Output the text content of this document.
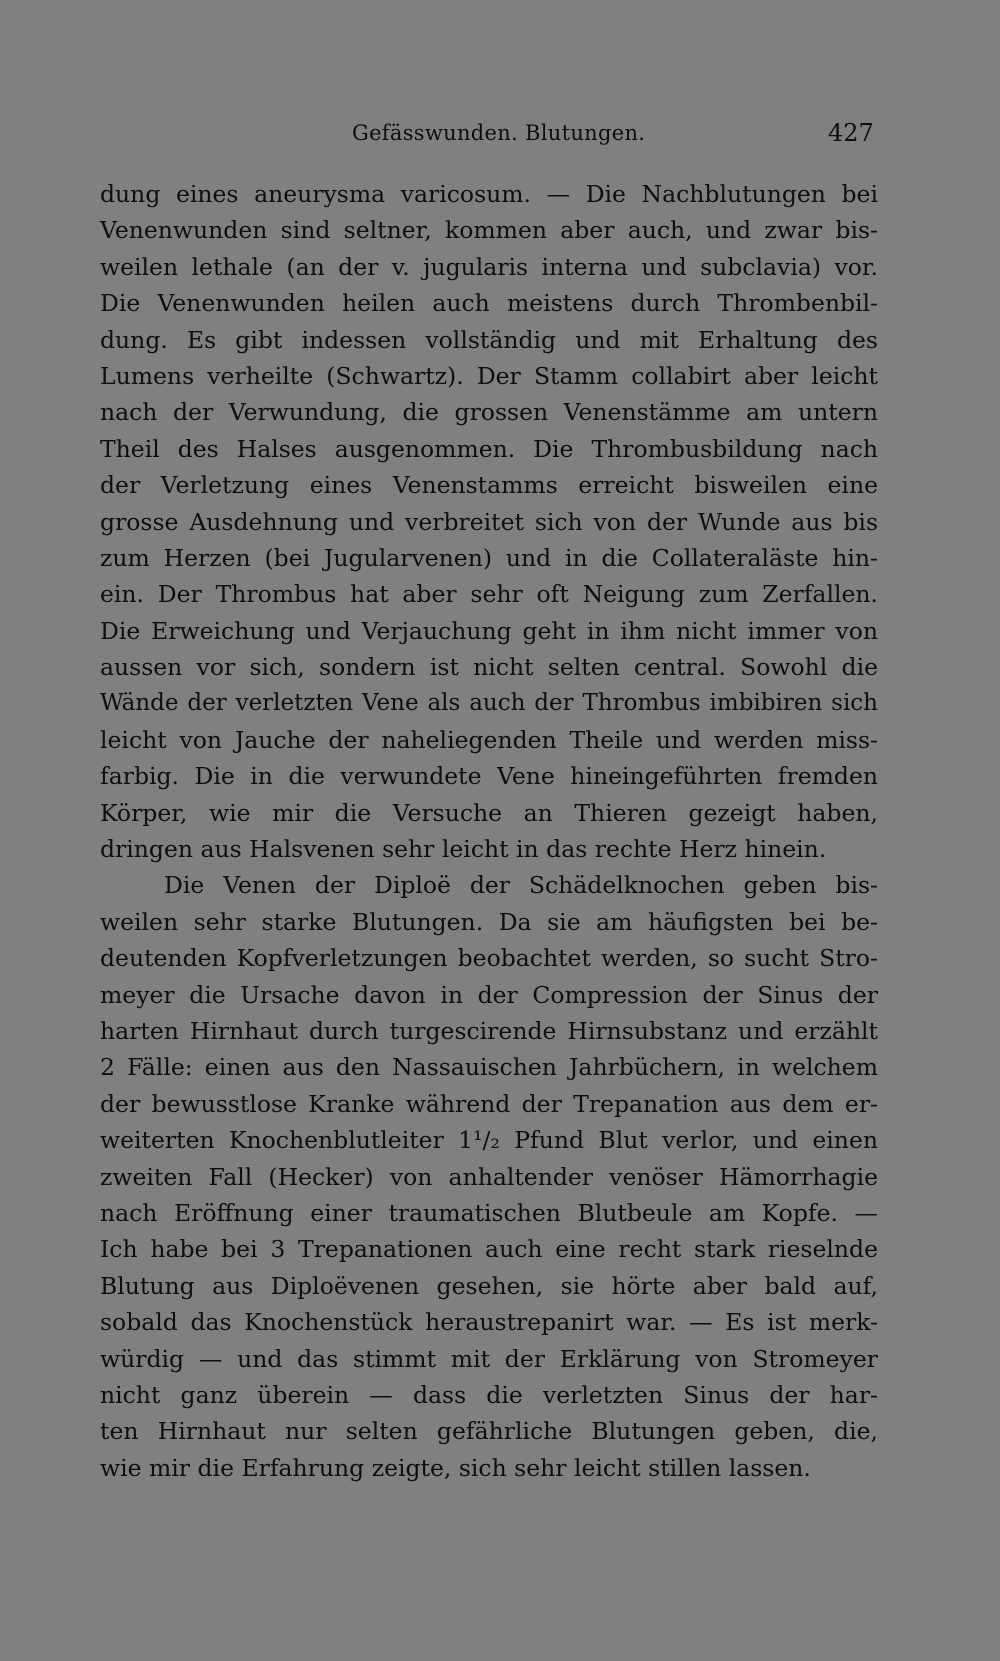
Gefässwunden. Blutungen.	427
dung eines aneurysma varicosum. — Die Nachblutungen bei
Venenwunden sind seltner, kommen aber auch, und zwar bis-
weilen lethale (an der v. jugularis interna und subclavia) vor.
Die Venenwunden heilen auch meistens durch Thrombenbil-
dung. Es gibt indessen vollständig und mit Erhaltung des
Lumens verheilte (Schwartz). Der Stamm collabirt aber leicht
nach der Verwundung, die grossen Venenstämme am untern
Theil des Halses ausgenommen. Die Thrombusbildung nach
der Verletzung eines Venenstamms erreicht bisweilen eine
grosse Ausdehnung und verbreitet sich von der Wunde aus bis
zum Herzen (bei Jugularvenen) und in die Collateraläste hin-
ein. Der Thrombus hat aber sehr oft Neigung zum Zerfallen.
Die Erweichung und Verjauchung geht in ihm nicht immer von
aussen vor sich, sondern ist nicht selten central. Sowohl die
Wände der verletzten Vene als auch der Thrombus imbibiren sich
leicht von Jauche der naheliegenden Theile und werden miss-
farbig. Die in die verwundete Vene hineingeführten fremden
Körper, wie mir die Versuche an Thieren gezeigt haben,
dringen aus Halsvenen sehr leicht in das rechte Herz hinein.
Die Venen der Diploë der Schädelknochen geben bis-
weilen sehr starke Blutungen. Da sie am häufigsten bei be-
deutenden Kopfverletzungen beobachtet werden, so sucht Stro-
meyer die Ursache davon in der Compression der Sinus der
harten Hirnhaut durch turgescirende Hirnsubstanz und erzählt
2 Fälle: einen aus den Nassauischen Jahrbüchern, in welchem
der bewusstlose Kranke während der Trepanation aus dem er-
weiterten Knochenblutleiter 1¹/₂ Pfund Blut verlor, und einen
zweiten Fall (Hecker) von anhaltender venöser Hämorrhagie
nach Eröffnung einer traumatischen Blutbeule am Kopfe. —
Ich habe bei 3 Trepanationen auch eine recht stark rieselnde
Blutung aus Diploëvenen gesehen, sie hörte aber bald auf,
sobald das Knochenstück heraustrepanirt war. — Es ist merk-
würdig — und das stimmt mit der Erklärung von Stromeyer
nicht ganz überein — dass die verletzten Sinus der har-
ten Hirnhaut nur selten gefährliche Blutungen geben, die,
wie mir die Erfahrung zeigte, sich sehr leicht stillen lassen.
